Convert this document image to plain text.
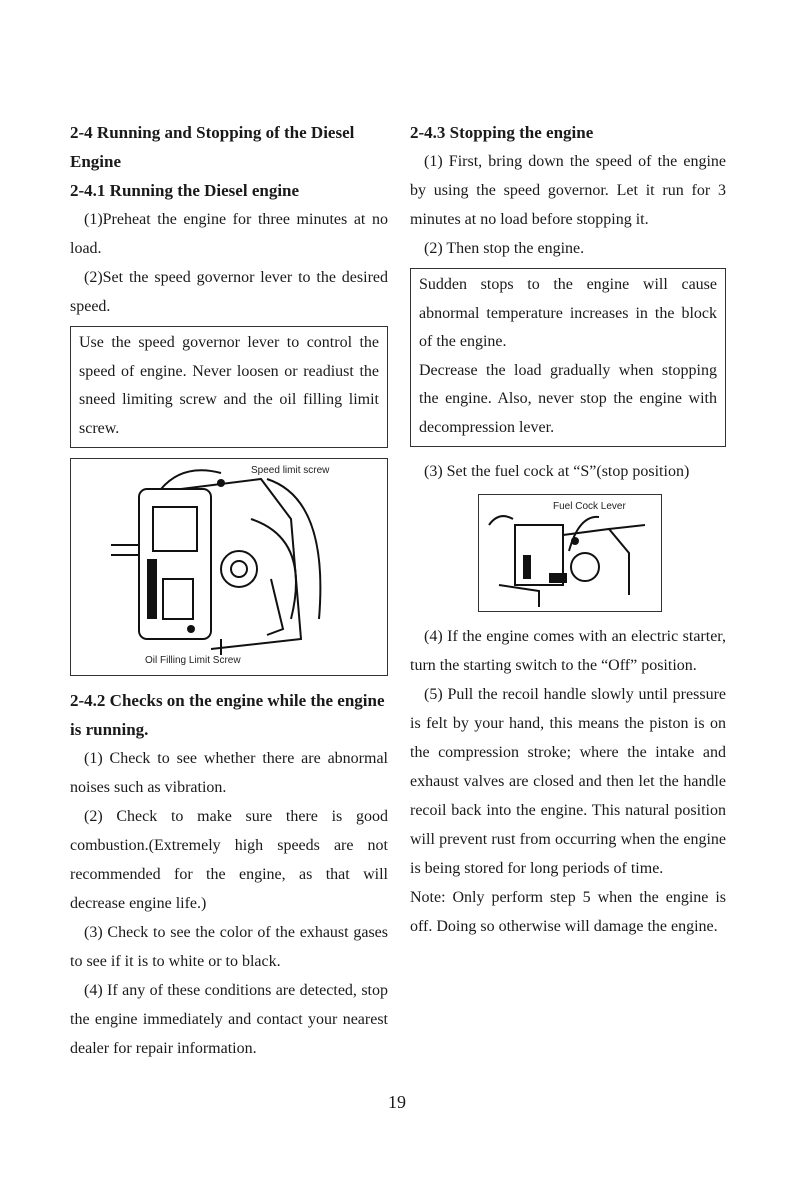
2-4 Running and Stopping of the Diesel Engine
2-4.1 Running the Diesel engine

(1)Preheat the engine for three minutes at no load.

(2)Set the speed governor lever to the desired speed.

Use the speed governor lever to control the speed of engine. Never loosen or readiust the sneed limiting screw and the oil filling limit screw.

Speed limit screw
Oil Filling Limit Screw
2-4.2 Checks on the engine while the engine is running.

(1) Check to see whether there are abnormal noises such as vibration.

(2) Check to make sure there is good combustion.(Extremely high speeds are not recommended for the engine, as that will decrease engine life.)

(3) Check to see the color of the exhaust gases to see if it is to white or to black.

(4) If any of these conditions are detected, stop the engine immediately and contact your nearest dealer for repair information.

2-4.3 Stopping the engine

(1) First, bring down the speed of the engine by using the speed governor. Let it run for 3 minutes at no load before stopping it.

(2) Then stop the engine.

Sudden stops to the engine will cause abnormal temperature increases in the block of the engine.

Decrease the load gradually when stopping the engine. Also, never stop the engine with decompression lever.

(3) Set the fuel cock at “S”(stop position)

Fuel Cock Lever

(4) If the engine comes with an electric starter, turn the starting switch to the “Off” position.

(5) Pull the recoil handle slowly until pressure is felt by your hand, this means the piston is on the compression stroke; where the intake and exhaust valves are closed and then let the handle recoil back into the engine. This natural position will prevent rust from occurring when the engine is being stored for long periods of time.

Note: Only perform step 5 when the engine is off. Doing so otherwise will damage the engine.

19
